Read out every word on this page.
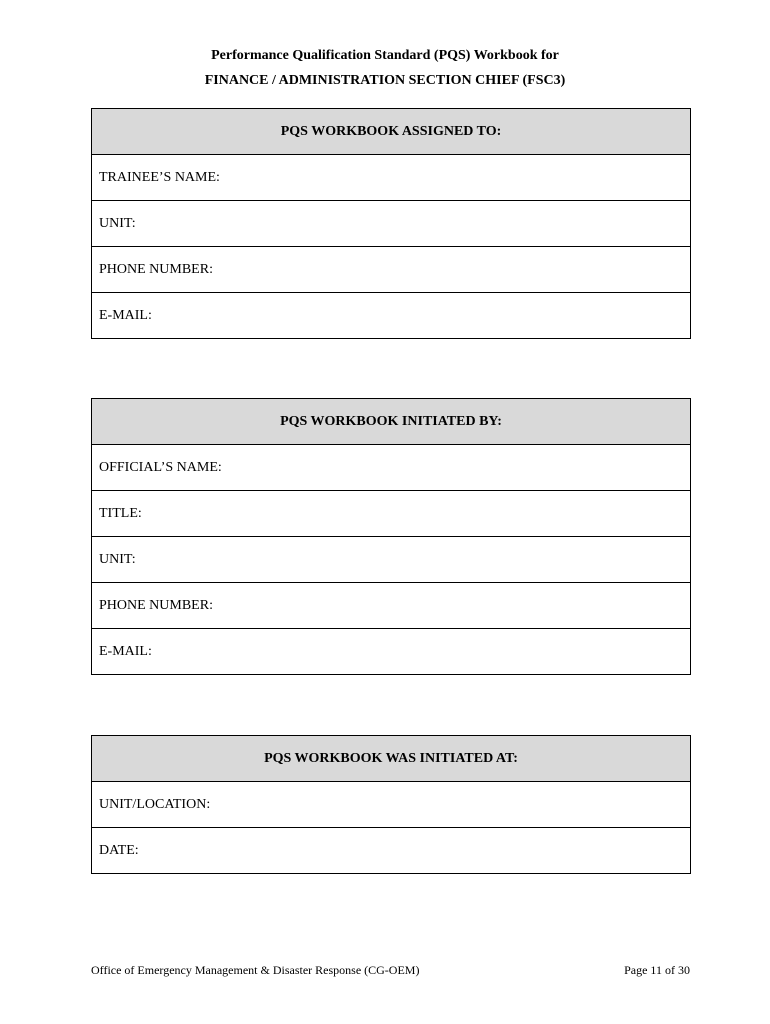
Performance Qualification Standard (PQS) Workbook for
FINANCE / ADMINISTRATION SECTION CHIEF (FSC3)
PQS WORKBOOK ASSIGNED TO:
TRAINEE’S NAME:
UNIT:
PHONE NUMBER:
E-MAIL:
PQS WORKBOOK INITIATED BY:
OFFICIAL’S NAME:
TITLE:
UNIT:
PHONE NUMBER:
E-MAIL:
PQS WORKBOOK WAS INITIATED AT:
UNIT/LOCATION:
DATE:
Office of Emergency Management & Disaster Response (CG-OEM)	Page 11 of 30
